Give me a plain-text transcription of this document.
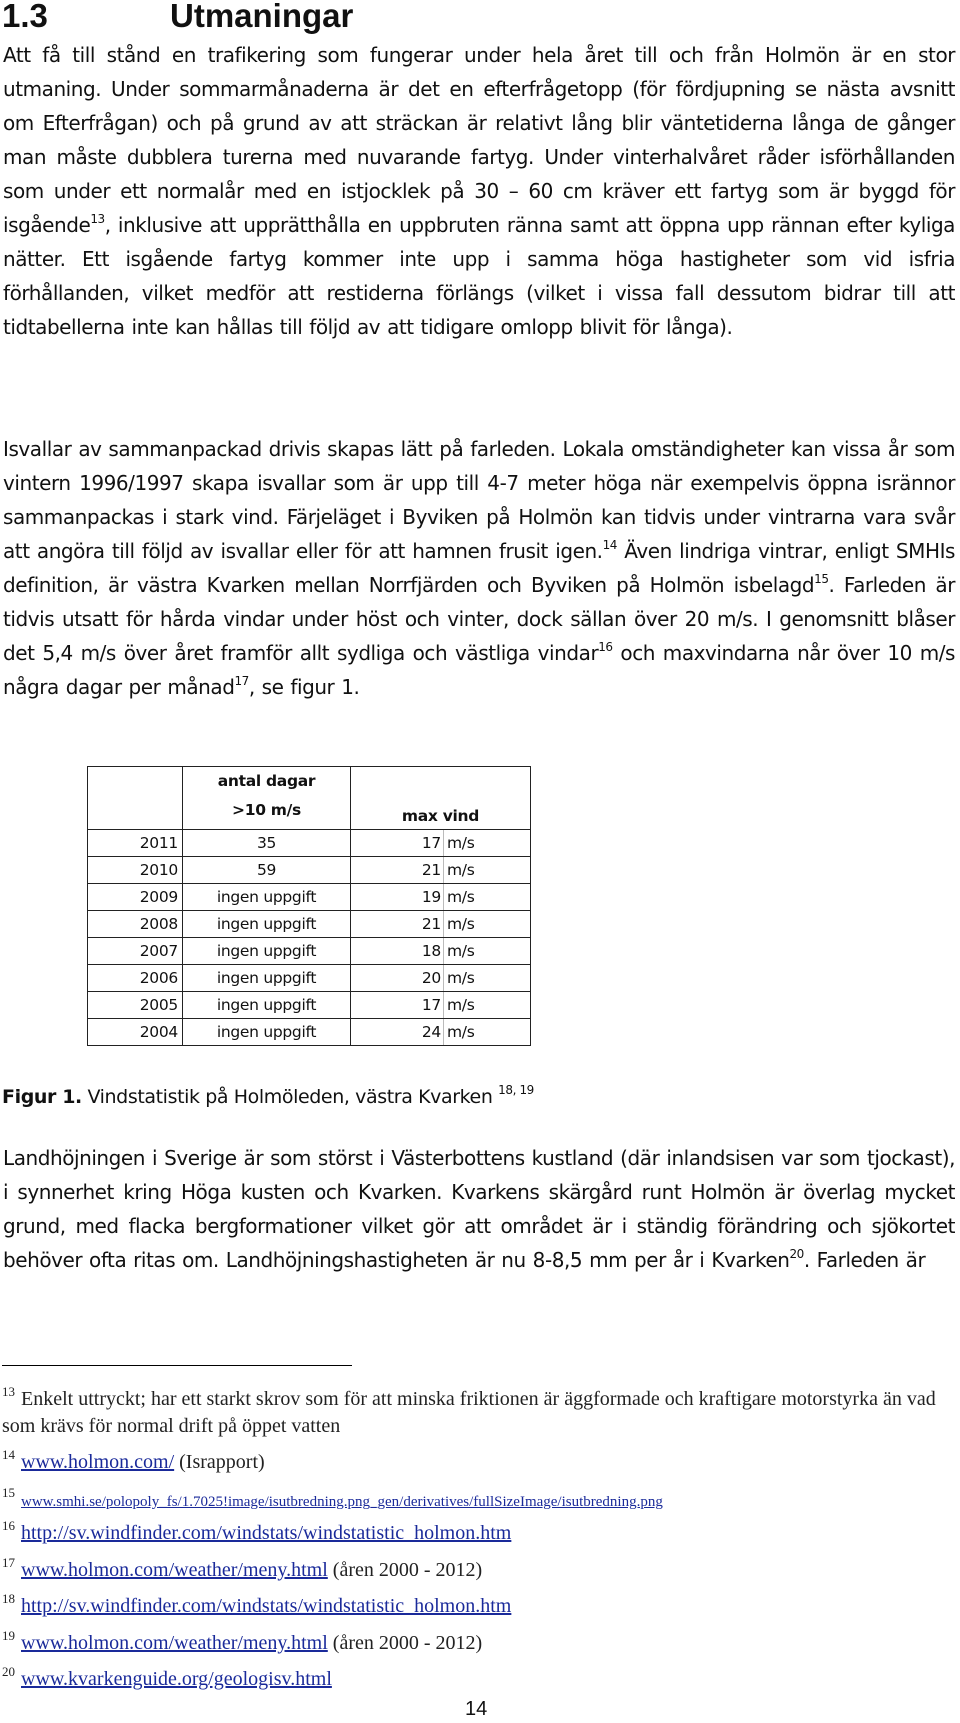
1.3	Utmaningar

Att få till stånd en trafikering som fungerar under hela året till och från Holmön är en stor utmaning. Under sommarmånaderna är det en efterfrågetopp (för fördjupning se nästa avsnitt om Efterfrågan) och på grund av att sträckan är relativt lång blir väntetiderna långa de gånger man måste dubblera turerna med nuvarande fartyg. Under vinterhalvåret råder isförhållanden som under ett normalår med en istjocklek på 30 – 60 cm kräver ett fartyg som är byggd för isgående$^{13}$, inklusive att upprätthålla en uppbruten ränna samt att öppna upp rännan efter kyliga nätter. Ett isgående fartyg kommer inte upp i samma höga hastigheter som vid isfria förhållanden, vilket medför att restiderna förlängs (vilket i vissa fall dessutom bidrar till att tidtabellerna inte kan hållas till följd av att tidigare omlopp blivit för långa).

Isvallar av sammanpackad drivis skapas lätt på farleden. Lokala omständigheter kan vissa år som vintern 1996/1997 skapa isvallar som är upp till 4-7 meter höga när exempelvis öppna isrännor sammanpackas i stark vind. Färjeläget i Byviken på Holmön kan tidvis under vintrarna vara svår att angöra till följd av isvallar eller för att hamnen frusit igen.$^{14}$ Även lindriga vintrar, enligt SMHIs definition, är västra Kvarken mellan Norrfjärden och Byviken på Holmön isbelagd$^{15}$. Farleden är tidvis utsatt för hårda vindar under höst och vinter, dock sällan över 20 m/s. I genomsnitt blåser det 5,4 m/s över året framför allt sydliga och västliga vindar$^{16}$ och maxvindarna når över 10 m/s några dagar per månad$^{17}$, se figur 1.

	antal dagar
>10 m/s	max vind	
2011	35	17	m/s
2010	59	21	m/s
2009	ingen uppgift	19	m/s
2008	ingen uppgift	21	m/s
2007	ingen uppgift	18	m/s
2006	ingen uppgift	20	m/s
2005	ingen uppgift	17	m/s
2004	ingen uppgift	24	m/s

Figur 1. Vindstatistik på Holmöleden, västra Kvarken $^{18, 19}$

Landhöjningen i Sverige är som störst i Västerbottens kustland (där inlandsisen var som tjockast), i synnerhet kring Höga kusten och Kvarken. Kvarkens skärgård runt Holmön är överlag mycket grund, med flacka bergformationer vilket gör att området är i ständig förändring och sjökortet behöver ofta ritas om. Landhöjningshastigheten är nu 8-8,5 mm per år i Kvarken$^{20}$. Farleden är

$^{13}$ Enkelt uttryckt; har ett starkt skrov som för att minska friktionen är äggformade och kraftigare motorstyrka än vad som krävs för normal drift på öppet vatten

$^{14}$ www.holmon.com/ (Israpport)

$^{15}$www.smhi.se/polopoly_fs/1.7025!image/isutbredning.png_gen/derivatives/fullSizeImage/isutbredning.png

$^{16}$ http://sv.windfinder.com/windstats/windstatistic_holmon.htm

$^{17}$ www.holmon.com/weather/meny.html (åren 2000 - 2012)

$^{18}$ http://sv.windfinder.com/windstats/windstatistic_holmon.htm

$^{19}$ www.holmon.com/weather/meny.html (åren 2000 - 2012)

$^{20}$ www.kvarkenguide.org/geologisv.html

14
